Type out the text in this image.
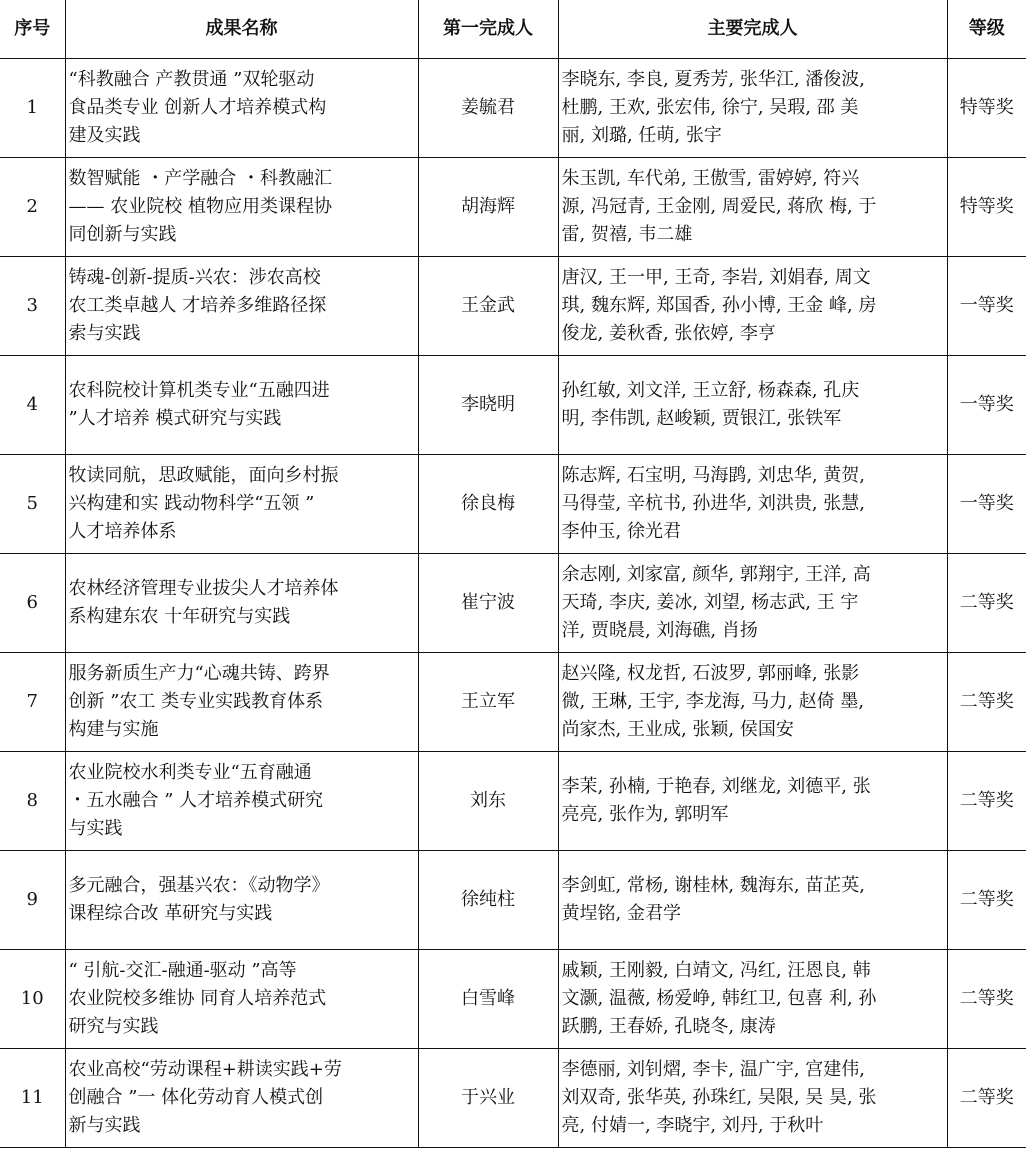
序号	成果名称	第一完成人	主要完成人	等级
1	“科教融合 产教贯通 ”双轮驱动
食品类专业 创新人才培养模式构
建及实践	姜毓君	李晓东, 李良, 夏秀芳, 张华江, 潘俊波,
杜鹏, 王欢, 张宏伟, 徐宁, 吴瑕, 邵 美
丽, 刘璐, 任萌, 张宇	特等奖
2	数智赋能 ・产学融合 ・科教融汇
—— 农业院校 植物应用类课程协
同创新与实践	胡海辉	朱玉凯, 车代弟, 王傲雪, 雷婷婷, 符兴
源, 冯冠青, 王金刚, 周爱民, 蒋欣 梅, 于
雷, 贺禧, 韦二雄	特等奖
3	铸魂-创新-提质-兴农：涉农高校
农工类卓越人 才培养多维路径探
索与实践	王金武	唐汉, 王一甲, 王奇, 李岩, 刘娟春, 周文
琪, 魏东辉, 郑国香, 孙小博, 王金 峰, 房
俊龙, 姜秋香, 张依婷, 李亨	一等奖
4	农科院校计算机类专业“五融四进
”人才培养 模式研究与实践	李晓明	孙红敏, 刘文洋, 王立舒, 杨森森, 孔庆
明, 李伟凯, 赵峻颖, 贾银江, 张铁军	一等奖
5	牧读同航，思政赋能，面向乡村振
兴构建和实 践动物科学“五领 ”
人才培养体系	徐良梅	陈志辉, 石宝明, 马海鹍, 刘忠华, 黄贺,
马得莹, 辛杭书, 孙进华, 刘洪贵, 张慧,
李仲玉, 徐光君	一等奖
6	农林经济管理专业拔尖人才培养体
系构建东农 十年研究与实践	崔宁波	余志刚, 刘家富, 颜华, 郭翔宇, 王洋, 高
天琦, 李庆, 姜冰, 刘望, 杨志武, 王 宇
洋, 贾晓晨, 刘海礁, 肖扬	二等奖
7	服务新质生产力“心魂共铸、跨界
创新 ”农工 类专业实践教育体系
构建与实施	王立军	赵兴隆, 权龙哲, 石波罗, 郭丽峰, 张影
微, 王琳, 王宇, 李龙海, 马力, 赵倚 墨,
尚家杰, 王业成, 张颖, 侯国安	二等奖
8	农业院校水利类专业“五育融通
・五水融合 ” 人才培养模式研究
与实践	刘东	李茉, 孙楠, 于艳春, 刘继龙, 刘德平, 张
亮亮, 张作为, 郭明军	二等奖
9	多元融合，强基兴农：《动物学》
课程综合改 革研究与实践	徐纯柱	李剑虹, 常杨, 谢桂林, 魏海东, 苗芷英,
黄埕铭, 金君学	二等奖
10	“ 引航-交汇-融通-驱动 ”高等
农业院校多维协 同育人培养范式
研究与实践	白雪峰	戚颖, 王刚毅, 白靖文, 冯红, 汪恩良, 韩
文灏, 温薇, 杨爱峥, 韩红卫, 包喜 利, 孙
跃鹏, 王春娇, 孔晓冬, 康涛	二等奖
11	农业高校“劳动课程+耕读实践+劳
创融合 ”一 体化劳动育人模式创
新与实践	于兴业	李德丽, 刘钊熠, 李卡, 温广宇, 宫建伟,
刘双奇, 张华英, 孙珠红, 吴限, 吴 昊, 张
亮, 付婧一, 李晓宇, 刘丹, 于秋叶	二等奖
